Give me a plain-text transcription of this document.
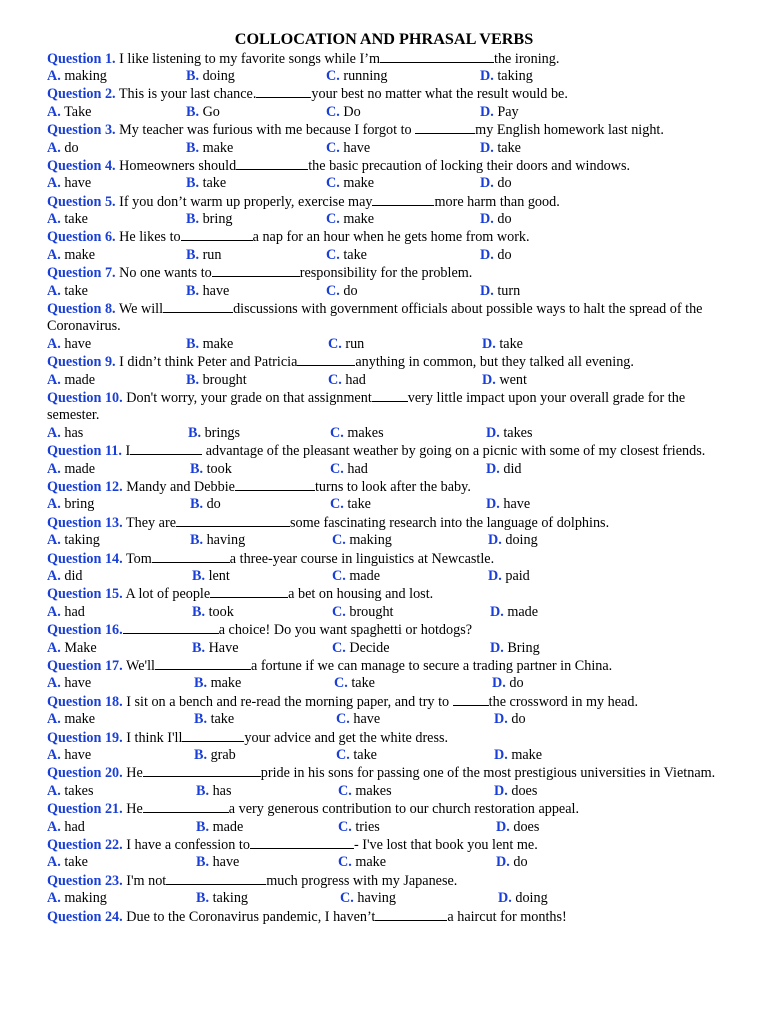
COLLOCATION AND PHRASAL VERBS
Question 1. I like listening to my favorite songs while I’m	the ironing.
A. making	B. doing	C. running	D. taking
Question 2. This is your last chance.	your best no matter what the result would be.
A. Take	B. Go	C. Do	D. Pay
Question 3. My teacher was furious with me because I forgot to	my English homework last night.
A. do	B. make	C. have	D. take
Question 4. Homeowners should	the basic precaution of locking their doors and windows.
A. have	B. take	C. make	D. do
Question 5. If you don’t warm up properly, exercise may	more harm than good.
A. take	B. bring	C. make	D. do
Question 6. He likes to	a nap for an hour when he gets home from work.
A. make	B. run	C. take	D. do
Question 7. No one wants to	responsibility for the problem.
A. take	B. have	C. do	D. turn
Question 8. We will	discussions with government officials about possible ways to halt the spread of the Coronavirus.
A. have	B. make	C. run	D. take
Question 9. I didn’t think Peter and Patricia	anything in common, but they talked all evening.
A. made	B. brought	C. had	D. went
Question 10. Don't worry, your grade on that assignment	very little impact upon your overall grade for the semester.
A. has	B. brings	C. makes	D. takes
Question 11. I	advantage of the pleasant weather by going on a picnic with some of my closest friends.
A. made	B. took	C. had	D. did
Question 12. Mandy and Debbie	turns to look after the baby.
A. bring	B. do	C. take	D. have
Question 13. They are	some fascinating research into the language of dolphins.
A. taking	B. having	C. making	D. doing
Question 14. Tom	a three-year course in linguistics at Newcastle.
A. did	B. lent	C. made	D. paid
Question 15. A lot of people	a bet on housing and lost.
A. had	B. took	C. brought	D. made
Question 16.	a choice! Do you want spaghetti or hotdogs?
A. Make	B. Have	C. Decide	D. Bring
Question 17. We'll	a fortune if we can manage to secure a trading partner in China.
A. have	B. make	C. take	D. do
Question 18. I sit on a bench and re-read the morning paper, and try to	the crossword in my head.
A. make	B. take	C. have	D. do
Question 19. I think I'll	your advice and get the white dress.
A. have	B. grab	C. take	D. make
Question 20. He	pride in his sons for passing one of the most prestigious universities in Vietnam.
A. takes	B. has	C. makes	D. does
Question 21. He	a very generous contribution to our church restoration appeal.
A. had	B. made	C. tries	D. does
Question 22. I have a confession to	- I've lost that book you lent me.
A. take	B. have	C. make	D. do
Question 23. I'm not	much progress with my Japanese.
A. making	B. taking	C. having	D. doing
Question 24. Due to the Coronavirus pandemic, I haven’t	a haircut for months!
